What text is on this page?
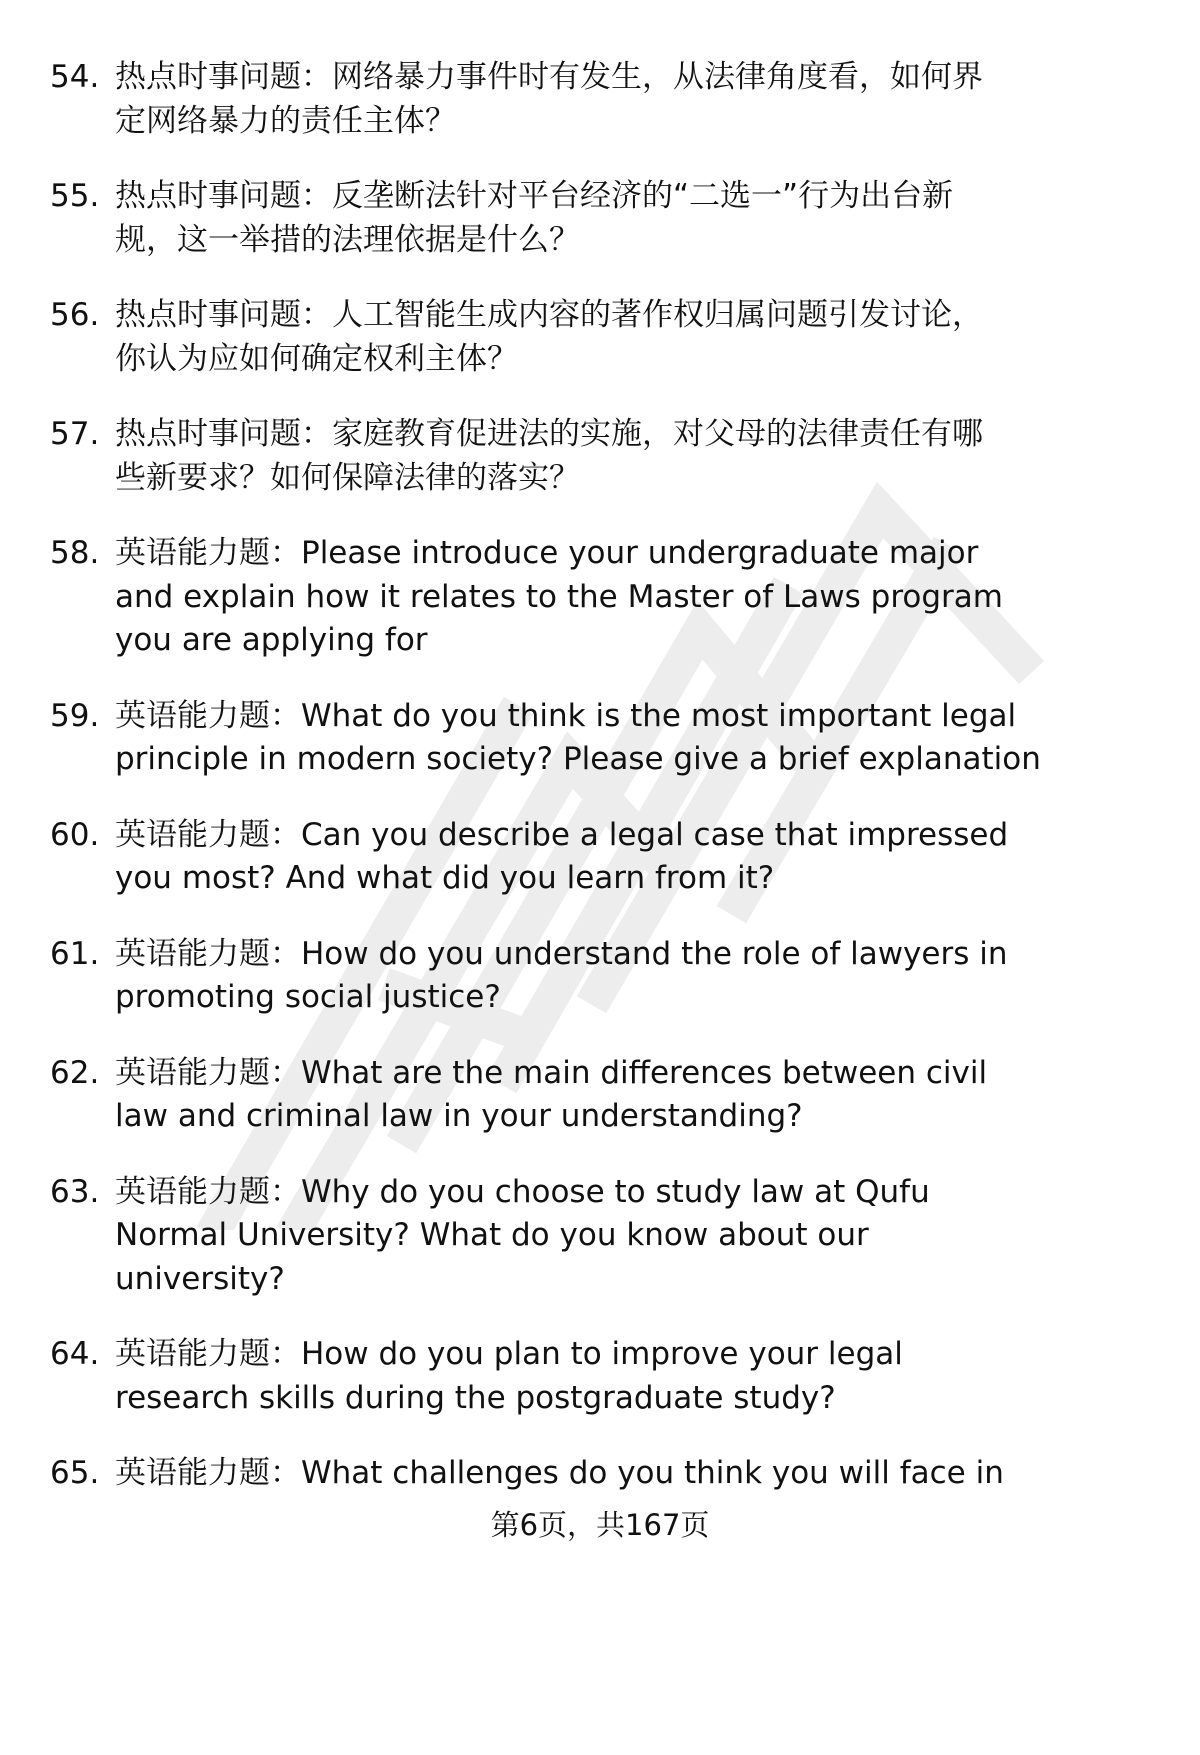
54. 热点时事问题：网络暴力事件时有发生，从法律角度看，如何界
定网络暴力的责任主体？
55. 热点时事问题：反垄断法针对平台经济的“二选一”行为出台新
规，这一举措的法理依据是什么？
56. 热点时事问题：人工智能生成内容的著作权归属问题引发讨论，
你认为应如何确定权利主体？
57. 热点时事问题：家庭教育促进法的实施，对父母的法律责任有哪
些新要求？如何保障法律的落实？
58. 英语能力题：Please introduce your undergraduate major
and explain how it relates to the Master of Laws program
you are applying for
59. 英语能力题：What do you think is the most important legal
principle in modern society? Please give a brief explanation
60. 英语能力题：Can you describe a legal case that impressed
you most? And what did you learn from it?
61. 英语能力题：How do you understand the role of lawyers in
promoting social justice?
62. 英语能力题：What are the main differences between civil
law and criminal law in your understanding?
63. 英语能力题：Why do you choose to study law at Qufu
Normal University? What do you know about our
university?
64. 英语能力题：How do you plan to improve your legal
research skills during the postgraduate study?
65. 英语能力题：What challenges do you think you will face in
第6页，共167页
